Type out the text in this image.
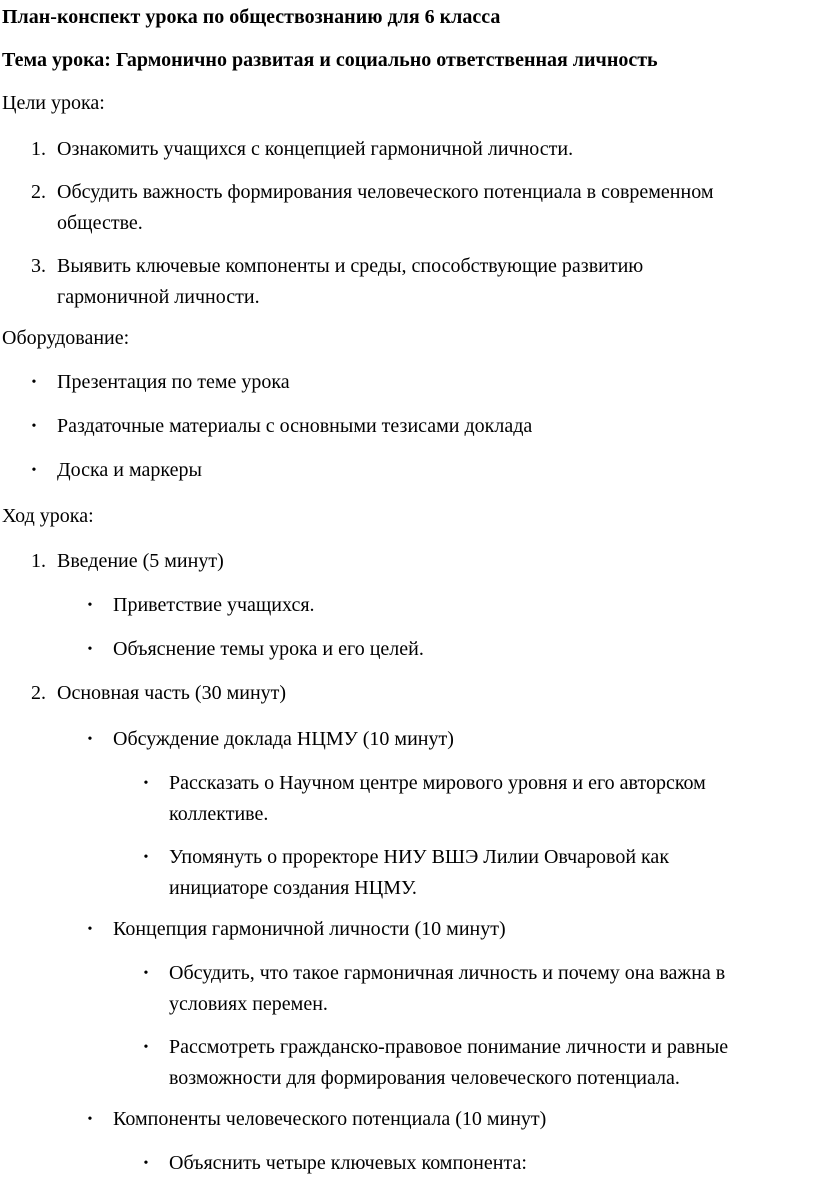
План-конспект урока по обществознанию для 6 класса

Тема урока: Гармонично развитая и социально ответственная личность

Цели урока:

1. Ознакомить учащихся с концепцией гармоничной личности.
2. Обсудить важность формирования человеческого потенциала в современном
обществе.
3. Выявить ключевые компоненты и среды, способствующие развитию
гармоничной личности.

Оборудование:

• Презентация по теме урока
• Раздаточные материалы с основными тезисами доклада
• Доска и маркеры

Ход урока:

1. Введение (5 минут)
• Приветствие учащихся.
• Объяснение темы урока и его целей.
2. Основная часть (30 минут)
• Обсуждение доклада НЦМУ (10 минут)
• Рассказать о Научном центре мирового уровня и его авторском
коллективе.
• Упомянуть о проректоре НИУ ВШЭ Лилии Овчаровой как
инициаторе создания НЦМУ.
• Концепция гармоничной личности (10 минут)
• Обсудить, что такое гармоничная личность и почему она важна в
условиях перемен.
• Рассмотреть гражданско-правовое понимание личности и равные
возможности для формирования человеческого потенциала.
• Компоненты человеческого потенциала (10 минут)
• Объяснить четыре ключевых компонента:
